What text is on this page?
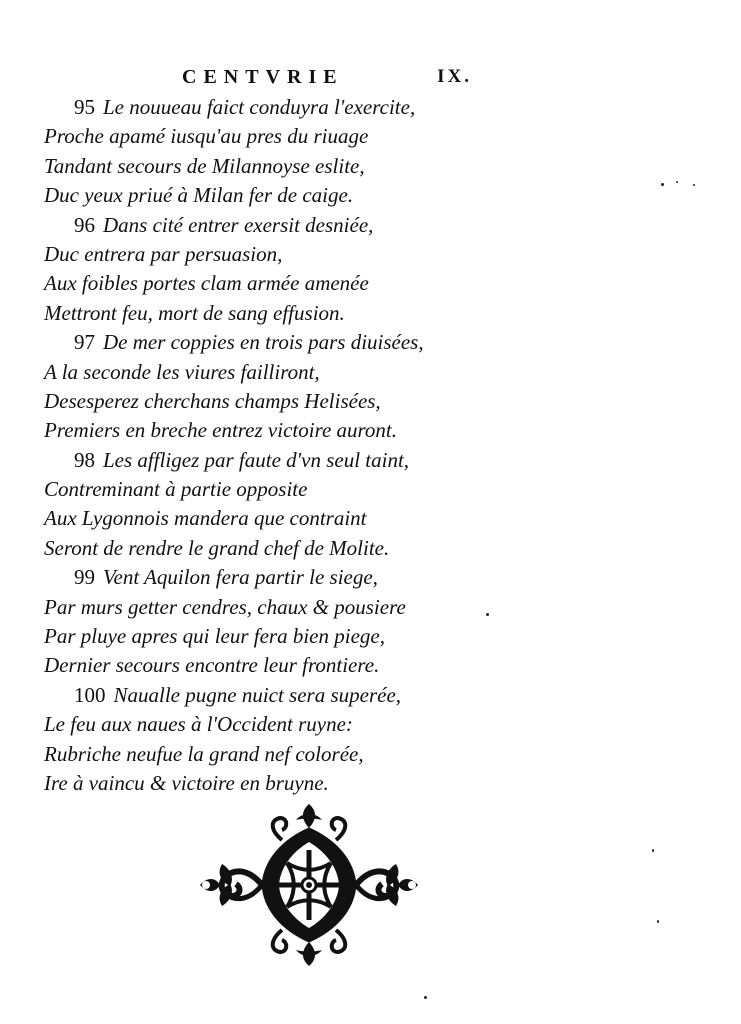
CENTVRIE	IX.
95 Le nouueau faict conduyra l'exercite,
Proche apamé iusqu'au pres du riuage
Tandant secours de Milannoyse eslite,
Duc yeux priué à Milan fer de caige.
96 Dans cité entrer exersit desniée,
Duc entrera par persuasion,
Aux foibles portes clam armée amenée
Mettront feu, mort de sang effusion.
97 De mer coppies en trois pars diuisées,
A la seconde les viures failliront,
Desesperez cherchans champs Helisées,
Premiers en breche entrez victoire auront.
98 Les affligez par faute d'vn seul taint,
Contreminant à partie opposite
Aux Lygonnois mandera que contraint
Seront de rendre le grand chef de Molite.
99 Vent Aquilon fera partir le siege,
Par murs getter cendres, chaux & pousiere
Par pluye apres qui leur fera bien piege,
Dernier secours encontre leur frontiere.
100 Naualle pugne nuict sera superée,
Le feu aux naues à l'Occident ruyne:
Rubriche neufue la grand nef colorée,
Ire à vaincu & victoire en bruyne.
